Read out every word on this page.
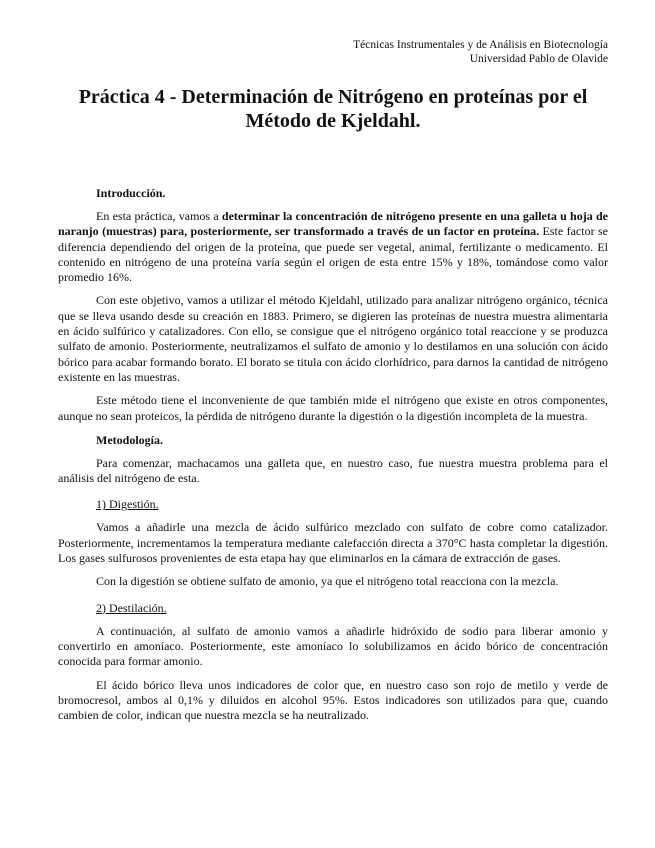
Técnicas Instrumentales y de Análisis en Biotecnología
Universidad Pablo de Olavide
Práctica 4 - Determinación de Nitrógeno en proteínas por el Método de Kjeldahl.
Introducción.

En esta práctica, vamos a determinar la concentración de nitrógeno presente en una galleta u hoja de naranjo (muestras) para, posteriormente, ser transformado a través de un factor en proteína. Este factor se diferencia dependiendo del origen de la proteína, que puede ser vegetal, animal, fertilizante o medicamento. El contenido en nitrógeno de una proteína varía según el origen de esta entre 15% y 18%, tomándose como valor promedio 16%.

Con este objetivo, vamos a utilizar el método Kjeldahl, utilizado para analizar nitrógeno orgánico, técnica que se lleva usando desde su creación en 1883. Primero, se digieren las proteínas de nuestra muestra alimentaria en ácido sulfúrico y catalizadores. Con ello, se consigue que el nitrógeno orgánico total reaccione y se produzca sulfato de amonio. Posteriormente, neutralizamos el sulfato de amonio y lo destilamos en una solución con ácido bórico para acabar formando borato. El borato se titula con ácido clorhídrico, para darnos la cantidad de nitrógeno existente en las muestras.

Este método tiene el inconveniente de que también mide el nitrógeno que existe en otros componentes, aunque no sean proteicos, la pérdida de nitrógeno durante la digestión o la digestión incompleta de la muestra.

Metodología.

Para comenzar, machacamos una galleta que, en nuestro caso, fue nuestra muestra problema para el análisis del nitrógeno de esta.

1) Digestión.

Vamos a añadirle una mezcla de ácido sulfúrico mezclado con sulfato de cobre como catalizador. Posteriormente, incrementamos la temperatura mediante calefacción directa a 370°C hasta completar la digestión. Los gases sulfurosos provenientes de esta etapa hay que eliminarlos en la cámara de extracción de gases.

Con la digestión se obtiene sulfato de amonio, ya que el nitrógeno total reacciona con la mezcla.

2) Destilación.

A continuación, al sulfato de amonio vamos a añadirle hidróxido de sodio para liberar amonio y convertirlo en amoníaco. Posteriormente, este amoníaco lo solubilizamos en ácido bórico de concentración conocida para formar amonio.

El ácido bórico lleva unos indicadores de color que, en nuestro caso son rojo de metilo y verde de bromocresol, ambos al 0,1% y diluidos en alcohol 95%. Estos indicadores son utilizados para que, cuando cambien de color, indican que nuestra mezcla se ha neutralizado.
